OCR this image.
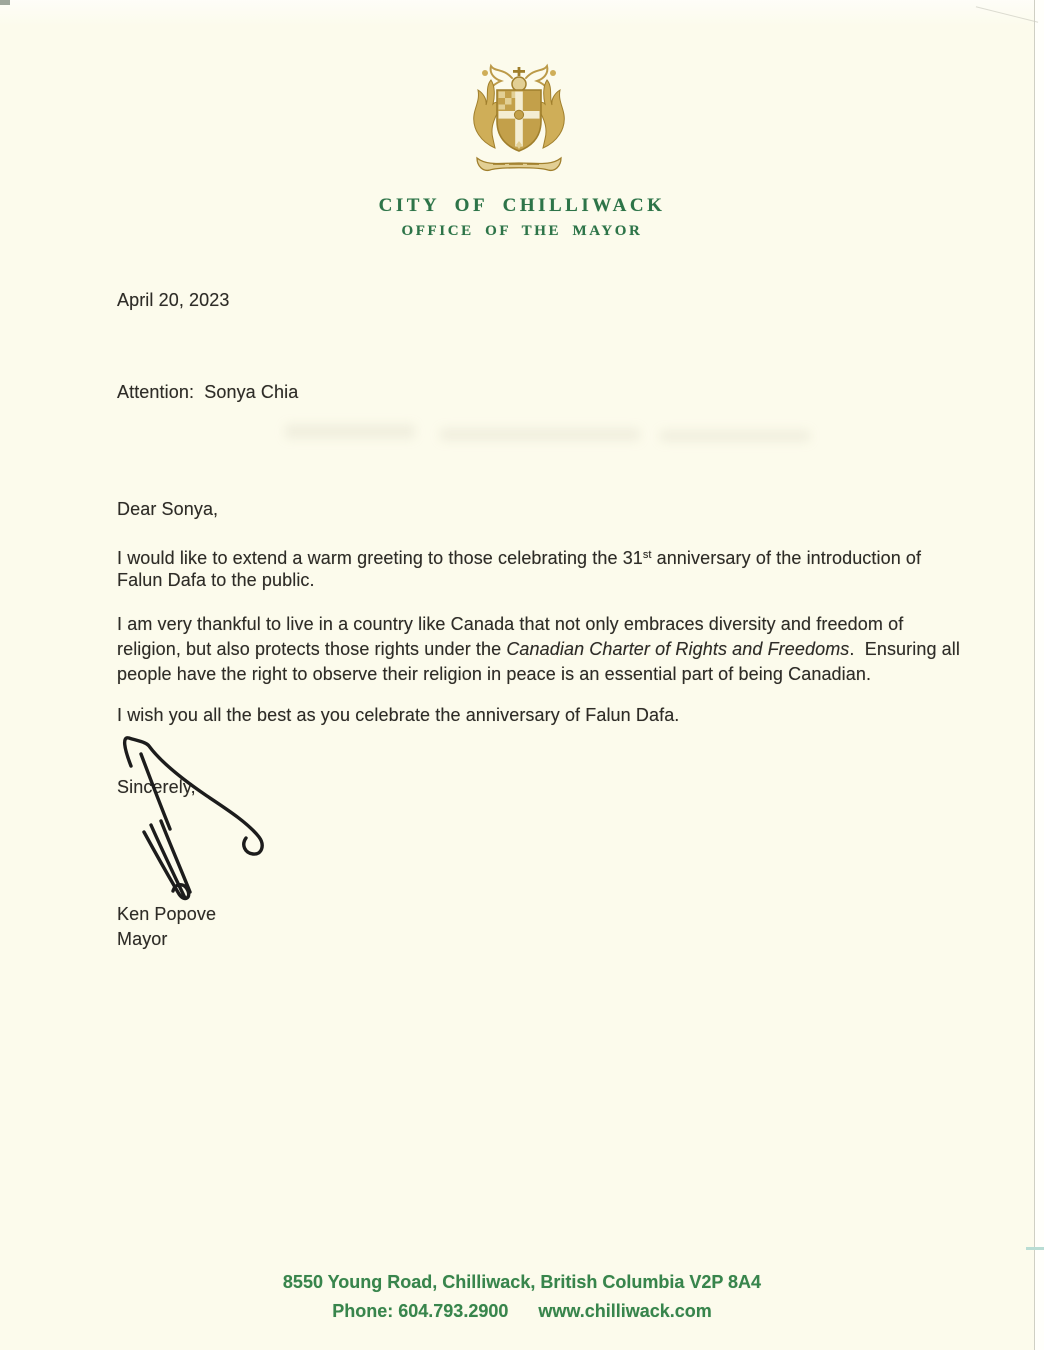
CITY OF CHILLIWACK
OFFICE OF THE MAYOR
April 20, 2023
Attention:  Sonya Chia
Dear Sonya,
I would like to extend a warm greeting to those celebrating the 31st anniversary of the introduction of
Falun Dafa to the public.
I am very thankful to live in a country like Canada that not only embraces diversity and freedom of
religion, but also protects those rights under the Canadian Charter of Rights and Freedoms.  Ensuring all
people have the right to observe their religion in peace is an essential part of being Canadian.
I wish you all the best as you celebrate the anniversary of Falun Dafa.
Sincerely,
Ken Popove
Mayor
8550 Young Road, Chilliwack, British Columbia V2P 8A4
Phone: 604.793.2900 www.chilliwack.com
